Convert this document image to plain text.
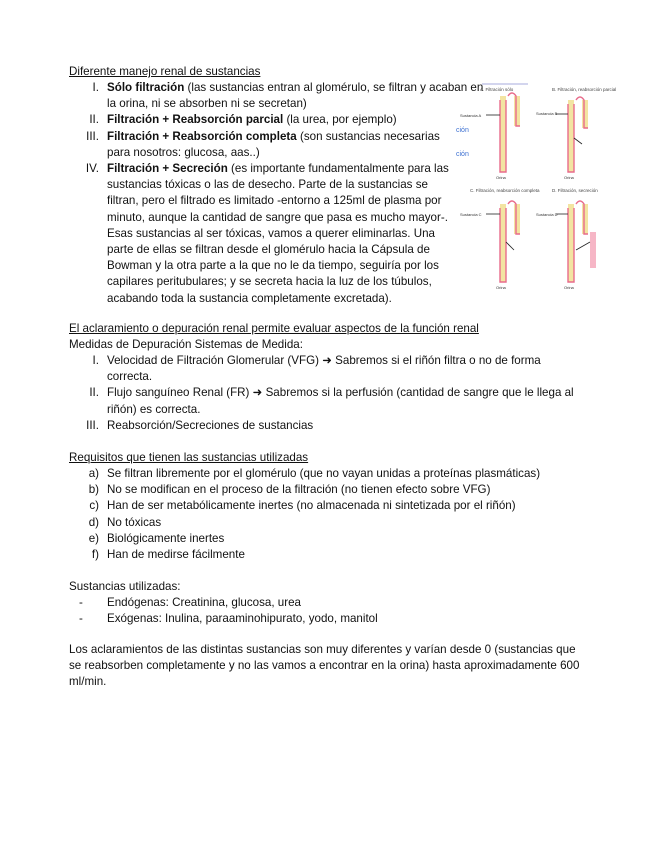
Diferente manejo renal de sustancias
I. Sólo filtración (las sustancias entran al glomérulo, se filtran y acaban en la orina, ni se absorben ni se secretan)
II. Filtración + Reabsorción parcial (la urea, por ejemplo)
III. Filtración + Reabsorción completa (son sustancias necesarias para nosotros: glucosa, aas..)
IV. Filtración + Secreción (es importante fundamentalmente para las sustancias tóxicas o las de desecho. Parte de la sustancias se filtran, pero el filtrado es limitado -entorno a 125ml de plasma por minuto, aunque la cantidad de sangre que pasa es mucho mayor-. Esas sustancias al ser tóxicas, vamos a querer eliminarlas. Una parte de ellas se filtran desde el glomérulo hacia la Cápsula de Bowman y la otra parte a la que no le da tiempo, seguiría por los capilares peritubulares; y se secreta hacia la luz de los túbulos, acabando toda la sustancia completamente excretada).
A. Filtración sólo
Sustancia A
Orina
ción
ción
B. Filtración, reabsorción parcial
Sustancia B
Orina
C. Filtración, reabsorción completa
Sustancia C
Orina
D. Filtración, secreción
Sustancia D
Orina
El aclaramiento o depuración renal permite evaluar aspectos de la función renal
Medidas de Depuración Sistemas de Medida:
I. Velocidad de Filtración Glomerular (VFG) ➜ Sabremos si el riñón filtra o no de forma correcta.
II. Flujo sanguíneo Renal (FR) ➜ Sabremos si la perfusión (cantidad de sangre que le llega al riñón) es correcta.
III. Reabsorción/Secreciones de sustancias
Requisitos que tienen las sustancias utilizadas
a) Se filtran libremente por el glomérulo (que no vayan unidas a proteínas plasmáticas)
b) No se modifican en el proceso de la filtración (no tienen efecto sobre VFG)
c) Han de ser metabólicamente inertes (no almacenada ni sintetizada por el riñón)
d) No tóxicas
e) Biológicamente inertes
f) Han de medirse fácilmente
Sustancias utilizadas:
-	Endógenas: Creatinina, glucosa, urea
-	Exógenas: Inulina, paraaminohipurato, yodo, manitol
Los aclaramientos de las distintas sustancias son muy diferentes y varían desde 0 (sustancias que se reabsorben completamente y no las vamos a encontrar en la orina) hasta aproximadamente 600 ml/min.
